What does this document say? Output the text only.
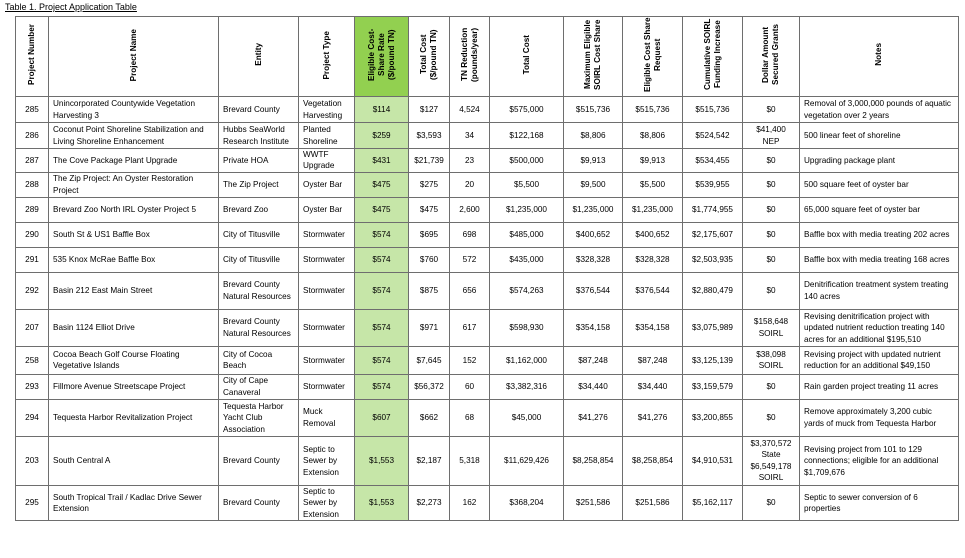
Table 1. Project Application Table
Project Number	Project Name	Entity	Project Type	Eligible Cost-Share Rate ($/pound TN)	Total Cost ($/pound TN)	TN Reduction (pounds/year)	Total Cost	Maximum Eligible SOIRL Cost Share	Eligible Cost Share Request	Cumulative SOIRL Funding Increase	Dollar Amount Secured Grants	Notes
285	Unincorporated Countywide Vegetation Harvesting 3	Brevard County	Vegetation Harvesting	$114	$127	4,524	$575,000	$515,736	$515,736	$515,736	$0	Removal of 3,000,000 pounds of aquatic vegetation over 2 years
286	Coconut Point Shoreline Stabilization and Living Shoreline Enhancement	Hubbs SeaWorld Research Institute	Planted Shoreline	$259	$3,593	34	$122,168	$8,806	$8,806	$524,542	$41,400 NEP	500 linear feet of shoreline
287	The Cove Package Plant Upgrade	Private HOA	WWTF Upgrade	$431	$21,739	23	$500,000	$9,913	$9,913	$534,455	$0	Upgrading package plant
288	The Zip Project: An Oyster Restoration Project	The Zip Project	Oyster Bar	$475	$275	20	$5,500	$9,500	$5,500	$539,955	$0	500 square feet of oyster bar
289	Brevard Zoo North IRL Oyster Project 5	Brevard Zoo	Oyster Bar	$475	$475	2,600	$1,235,000	$1,235,000	$1,235,000	$1,774,955	$0	65,000 square feet of oyster bar
290	South St & US1 Baffle Box	City of Titusville	Stormwater	$574	$695	698	$485,000	$400,652	$400,652	$2,175,607	$0	Baffle box with media treating 202 acres
291	535 Knox McRae Baffle Box	City of Titusville	Stormwater	$574	$760	572	$435,000	$328,328	$328,328	$2,503,935	$0	Baffle box with media treating 168 acres
292	Basin 212 East Main Street	Brevard County Natural Resources	Stormwater	$574	$875	656	$574,263	$376,544	$376,544	$2,880,479	$0	Denitrification treatment system treating 140 acres
207	Basin 1124 Elliot Drive	Brevard County Natural Resources	Stormwater	$574	$971	617	$598,930	$354,158	$354,158	$3,075,989	$158,648 SOIRL	Revising denitrification project with updated nutrient reduction treating 140 acres for an additional $195,510
258	Cocoa Beach Golf Course Floating Vegetative Islands	City of Cocoa Beach	Stormwater	$574	$7,645	152	$1,162,000	$87,248	$87,248	$3,125,139	$38,098 SOIRL	Revising project with updated nutrient reduction for an additional $49,150
293	Fillmore Avenue Streetscape Project	City of Cape Canaveral	Stormwater	$574	$56,372	60	$3,382,316	$34,440	$34,440	$3,159,579	$0	Rain garden project treating 11 acres
294	Tequesta Harbor Revitalization Project	Tequesta Harbor Yacht Club Association	Muck Removal	$607	$662	68	$45,000	$41,276	$41,276	$3,200,855	$0	Remove approximately 3,200 cubic yards of muck from Tequesta Harbor
203	South Central A	Brevard County	Septic to Sewer by Extension	$1,553	$2,187	5,318	$11,629,426	$8,258,854	$8,258,854	$4,910,531	$3,370,572 State $6,549,178 SOIRL	Revising project from 101 to 129 connections; eligible for an additional $1,709,676
295	South Tropical Trail / Kadlac Drive Sewer Extension	Brevard County	Septic to Sewer by Extension	$1,553	$2,273	162	$368,204	$251,586	$251,586	$5,162,117	$0	Septic to sewer conversion of 6 properties
